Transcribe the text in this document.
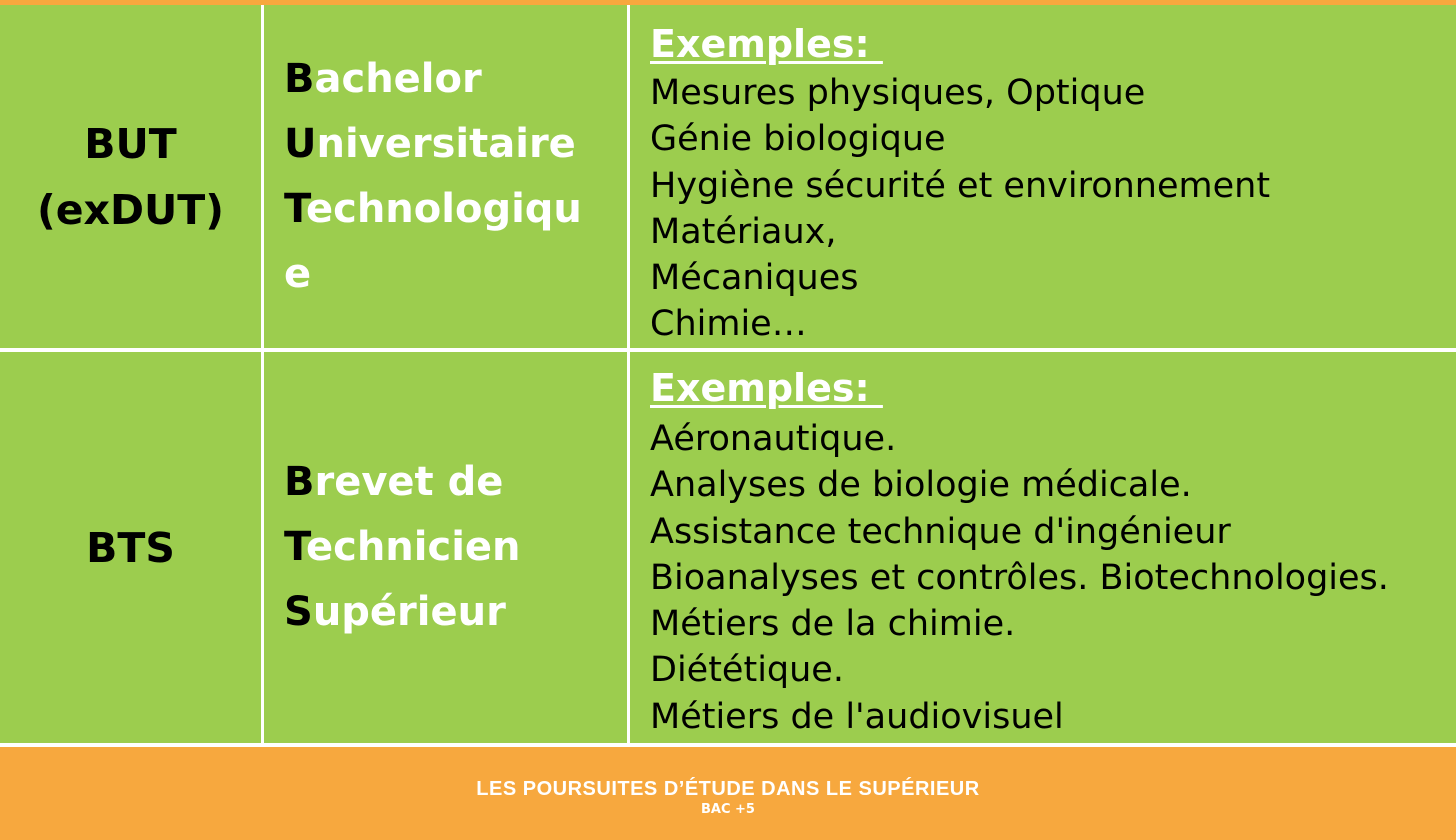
BUT
(exDUT)
Bachelor
Universitaire
Technologiqu
e
Exemples:
Mesures physiques, Optique
Génie biologique
Hygiène sécurité et environnement
Matériaux,
Mécaniques
Chimie…
BTS
Brevet de
Technicien
Supérieur
Exemples:
Aéronautique.
Analyses de biologie médicale.
Assistance technique d'ingénieur
Bioanalyses et contrôles. Biotechnologies.
Métiers de la chimie.
Diététique.
Métiers de l'audiovisuel
LES POURSUITES D’ÉTUDE DANS LE SUPÉRIEUR
BAC +5
